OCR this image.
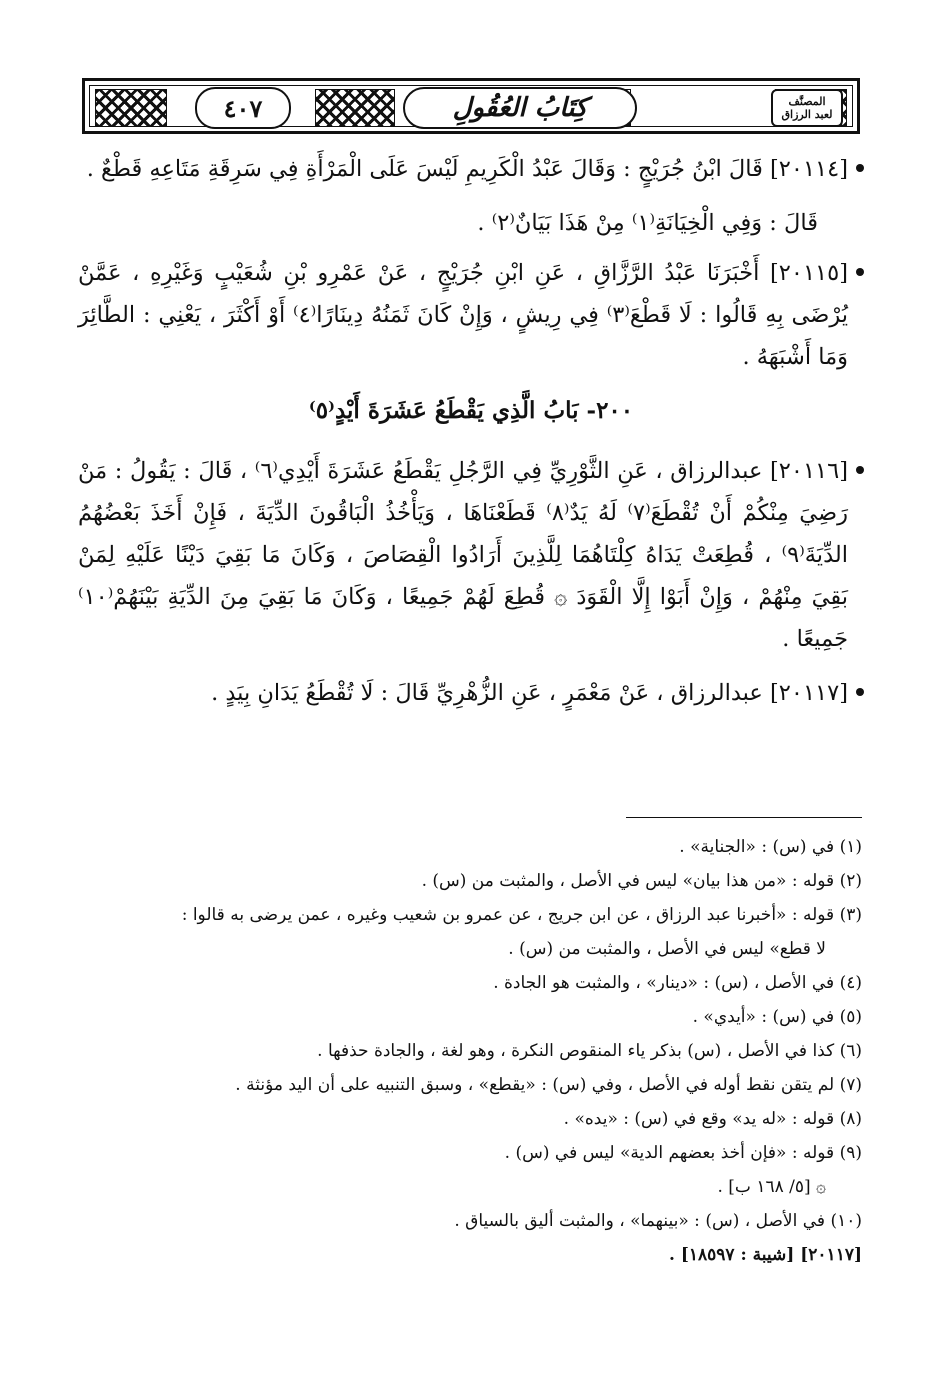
٤٠٧	كِتَابُ العُقُولِ	المصنَّف
لعبد الرزاق
[٢٠١١٤] قَالَ ابْنُ جُرَيْجٍ : وَقَالَ عَبْدُ الْكَرِيمِ لَيْسَ عَلَى الْمَرْأَةِ فِي سَرِقَةِ مَتَاعِهِ قَطْعٌ .
قَالَ : وَفِي الْخِيَانَةِ⁽١⁾ مِنْ هَذَا بَيَانٌ⁽٢⁾ .
[٢٠١١٥] أَخْبَرَنَا عَبْدُ الرَّزَّاقِ ، عَنِ ابْنِ جُرَيْجٍ ، عَنْ عَمْرِو بْنِ شُعَيْبٍ وَغَيْرِهِ ، عَمَّنْ يُرْضَى بِهِ قَالُوا : لَا قَطْعَ⁽٣⁾ فِي رِيشٍ ، وَإِنْ كَانَ ثَمَنُهُ دِينَارًا⁽٤⁾ أَوْ أَكْثَرَ ، يَعْنِي : الطَّائِرَ وَمَا أَشْبَهَهُ .
٢٠٠- بَابُ الَّذِي يَقْطَعُ عَشَرَةَ أَيْدٍ⁽٥⁾
[٢٠١١٦] عبدالرزاق ، عَنِ الثَّوْرِيِّ فِي الرَّجُلِ يَقْطَعُ عَشَرَةَ أَيْدِي⁽٦⁾ ، قَالَ : يَقُولُ : مَنْ رَضِيَ مِنْكُمْ أَنْ تُقْطَعَ⁽٧⁾ لَهُ يَدٌ⁽٨⁾ قَطَعْنَاهَا ، وَيَأْخُذُ الْبَاقُونَ الدِّيَةَ ، فَإِنْ أَخَذَ بَعْضُهُمُ الدِّيَةَ⁽٩⁾ ، قُطِعَتْ يَدَاهُ كِلْتَاهُمَا لِلَّذِينَ أَرَادُوا الْقِصَاصَ ، وَكَانَ مَا بَقِيَ دَيْنًا عَلَيْهِ لِمَنْ بَقِيَ مِنْهُمْ ، وَإِنْ أَبَوْا إِلَّا الْقَوَدَ ۞ قُطِعَ لَهُمْ جَمِيعًا ، وَكَانَ مَا بَقِيَ مِنَ الدِّيَةِ بَيْنَهُمْ⁽١٠⁾ جَمِيعًا .
[٢٠١١٧] عبدالرزاق ، عَنْ مَعْمَرٍ ، عَنِ الزُّهْرِيِّ قَالَ : لَا تُقْطَعُ يَدَانِ بِيَدٍ .

(١) في (س) : «الجناية» .

(٢) قوله : «من هذا بيان» ليس في الأصل ، والمثبت من (س) .

(٣) قوله : «أخبرنا عبد الرزاق ، عن ابن جريج ، عن عمرو بن شعيب وغيره ، عمن يرضى به قالوا :

لا قطع» ليس في الأصل ، والمثبت من (س) .

(٤) في الأصل ، (س) : «دينار» ، والمثبت هو الجادة .

(٥) في (س) : «أيدي» .

(٦) كذا في الأصل ، (س) بذكر ياء المنقوص النكرة ، وهو لغة ، والجادة حذفها .

(٧) لم يتقن نقط أوله في الأصل ، وفي (س) : «يقطع» ، وسبق التنبيه على أن اليد مؤنثة .

(٨) قوله : «له يد» وقع في (س) : «يده» .

(٩) قوله : «فإن أخذ بعضهم الدية» ليس في (س) .

۞ [٥/ ١٦٨ ب] .

(١٠) في الأصل ، (س) : «بينهما» ، والمثبت أليق بالسياق .

[٢٠١١٧] [شيبة : ١٨٥٩٧] .
